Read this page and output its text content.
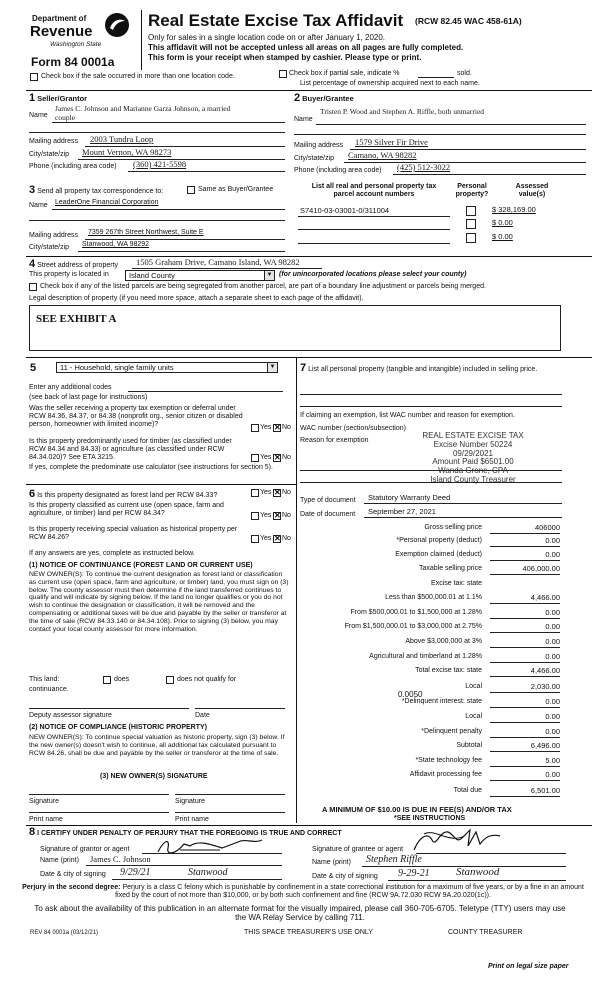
Department of
Revenue
Washington State
Form 84 0001a
Real Estate Excise Tax Affidavit (RCW 82.45 WAC 458-61A)
Only for sales in a single location code on or after January 1, 2020.
This affidavit will not be accepted unless all areas on all pages are fully completed.
This form is your receipt when stamped by cashier. Please type or print.
Check box if the sale occurred in more than one location code.	Check box if partial sale, indicate %	sold.
List percentage of ownership acquired next to each name.
1 Seller/Grantor
Name
James C. Johnson and Marianne Garza Johnson, a married
couple
Mailing address 2003 Tundra Loop
City/state/zip Mount Vernon, WA 98273
Phone (including area code) (360) 421-5598
2 Buyer/Grantee
Name
Tristen P. Wood and Stephen A. Riffle, both unmarried
Mailing address 1579 Silver Fir Drive
City/state/zip Camano, WA 98282
Phone (including area code) (425) 512-3022
3 Send all property tax correspondence to:	Same as Buyer/Grantee
Name LeaderOne Financial Corporation
Mailing address 7359 267th Street Northwest, Suite E
City/state/zip Stanwood, WA 98292
List all real and personal property tax
parcel account numbers
Personal
property?
Assessed
value(s)
S7410-03-03001-0/311004	$ 328,169.00
$ 0.00
$ 0.00
4 Street address of property 1505 Graham Drive, Camano Island, WA 98282
This property is located in	Island County	▼ (for unincorporated locations please select your county)
Check box if any of the listed parcels are being segregated from another parcel, are part of a boundary line adjustment or parcels being merged.
Legal description of property (if you need more space, attach a separate sheet to each page of the affidavit).
SEE EXHIBIT A
5	11 - Household, single family units	▼
Enter any additional codes
(see back of last page for instructions)
Was the seller receiving a property tax exemption or deferral under RCW 84.36, 84.37, or 84.38 (nonprofit org., senior citizen or disabled person, homeowner with limited income)?	Yes ✕ No
Is this property predominantly used for timber (as classified under RCW 84.34 and 84.33) or agriculture (as classified under RCW 84.34.020)? See ETA 3215.	Yes ✕ No
If yes, complete the predominate use calculator (see instructions for section 5).
6 Is this property designated as forest land per RCW 84.33?	Yes ✕ No
Is this property classified as current use (open space, farm and agriculture, or timber) land per RCW 84.34?	Yes ✕ No
Is this property receiving special valuation as historical property per RCW 84.26?	Yes ✕ No
If any answers are yes, complete as instructed below.
(1) NOTICE OF CONTINUANCE (FOREST LAND OR CURRENT USE)
NEW OWNER(S): To continue the current designation as forest land or classification as current use (open space, farm and agriculture, or timber) land, you must sign on (3) below. The county assessor must then determine if the land transferred continues to qualify and will indicate by signing below. If the land no longer qualifies or you do not wish to continue the designation or classification, it will be removed and the compensating or additional taxes will be due and payable by the seller or transferor at the time of sale (RCW 84.33.140 or 84.34.108). Prior to signing (3) below, you may contact your local county assessor for more information.
This land:	does	does not qualify for
continuance.
Deputy assessor signature	Date
(2) NOTICE OF COMPLIANCE (HISTORIC PROPERTY)
NEW OWNER(S): To continue special valuation as historic property, sign (3) below. If the new owner(s) doesn't wish to continue, all additional tax calculated pursuant to RCW 84.26, shall be due and payable by the seller or transferor at the time of sale.
(3) NEW OWNER(S) SIGNATURE
Signature	Signature
Print name	Print name
7 List all personal property (tangible and intangible) included in selling price.
If claiming an exemption, list WAC number and reason for exemption.
WAC number (section/subsection)
Reason for exemption
REAL ESTATE EXCISE TAX
Excise Number 50224
09/29/2021
Amount Paid $6501.00
Wanda Grone, CPA
Island County Treasurer
Type of document Statutory Warranty Deed
Date of document September 27, 2021
Gross selling price	406000
*Personal property (deduct)	0.00
Exemption claimed (deduct)	0.00
Taxable selling price	406,000.00
Excise tax: state
Less than $500,000.01 at 1.1%	4,466.00
From $500,000.01 to $1,500,000 at 1.28%	0.00
From $1,500,000.01 to $3,000,000 at 2.75%	0.00
Above $3,000,000 at 3%	0.00
Agricultural and timberland at 1.28%	0.00
Total excise tax: state	4,466.00
Local	2,030.00
*Delinquent interest: state	0.00
Local	0.00
*Delinquent penalty	0.00
Subtotal	6,496.00
*State technology fee	5.00
Affidavit processing fee	0.00
Total due	6,501.00
0.0050
A MINIMUM OF $10.00 IS DUE IN FEE(S) AND/OR TAX
*SEE INSTRUCTIONS
8 I CERTIFY UNDER PENALTY OF PERJURY THAT THE FOREGOING IS TRUE AND CORRECT
Signature of grantor or agent
Name (print) James C. Johnson
Date & city of signing 9/29/21	Stanwood
Signature of grantee or agent
Name (print) Stephen Riffle
Date & city of signing 9-29-21 Stanwood
Perjury in the second degree: Perjury is a class C felony which is punishable by confinement in a state correctional institution for a maximum of five years, or by a fine in an amount fixed by the court of not more than $10,000, or by both such confinement and fine (RCW 9A.72.030 RCW 9A.20.020(1c)).
To ask about the availability of this publication in an alternate format for the visually impaired, please call 360-705-6705. Teletype (TTY) users may use the WA Relay Service by calling 711.
REV 84 0001a (03/12/21)	THIS SPACE TREASURER'S USE ONLY	COUNTY TREASURER
Print on legal size paper
